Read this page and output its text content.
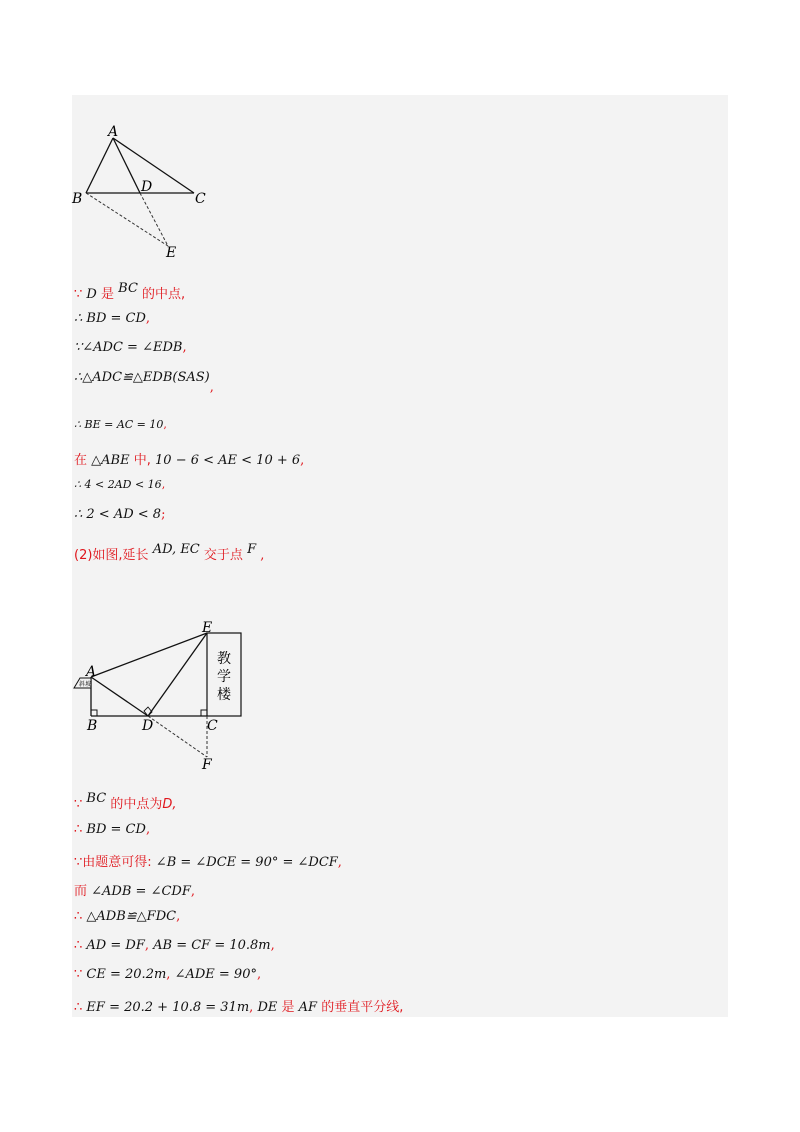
A
B	C
D
E
∵ D 是 BC 的中点,
∴ BD = CD,
∵∠ADC = ∠EDB,
∴△ADC≌△EDB(SAS),
∴ BE = AC = 10,
在 △ABE 中, 10 − 6 < AE < 10 + 6,
∴ 4 < 2AD < 16,
∴ 2 < AD < 8;
(2)如图,延长 AD, EC 交于点 F ,
斜坡
教
学
楼
A
B	C
D
E
F
∵ BC 的中点为D,
∴ BD = CD,
∵由题意可得: ∠B = ∠DCE = 90° = ∠DCF,
而 ∠ADB = ∠CDF,
∴ △ADB≌△FDC,
∴ AD = DF, AB = CF = 10.8m,
∵ CE = 20.2m, ∠ADE = 90°,
∴ EF = 20.2 + 10.8 = 31m, DE 是 AF 的垂直平分线,
